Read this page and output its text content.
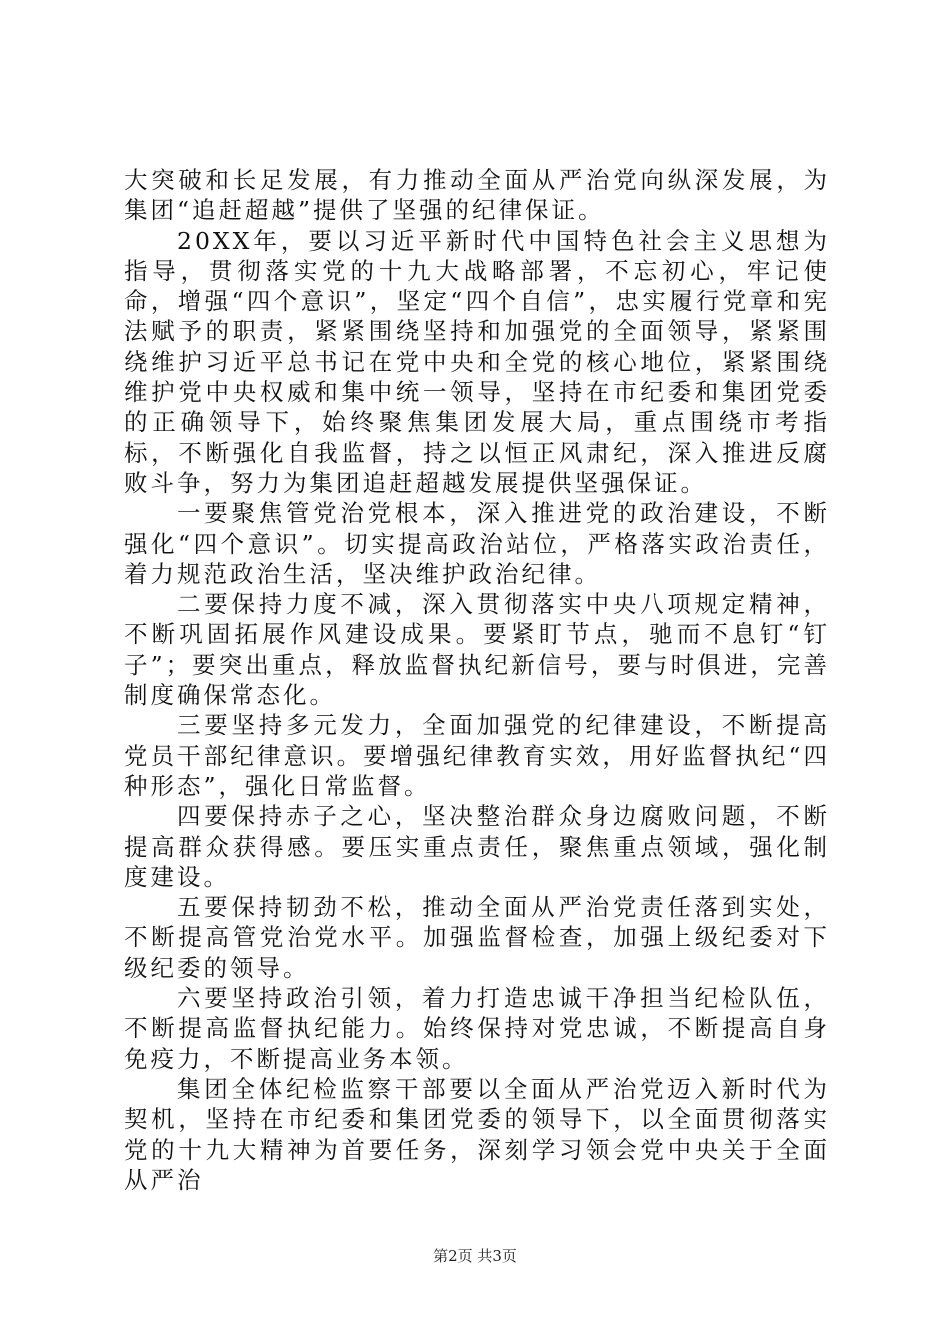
大突破和长足发展，有力推动全面从严治党向纵深发展，为集团“追赶超越”提供了坚强的纪律保证。

20XX年，要以习近平新时代中国特色社会主义思想为指导，贯彻落实党的十九大战略部署，不忘初心，牢记使命，增强“四个意识”，坚定“四个自信”，忠实履行党章和宪法赋予的职责，紧紧围绕坚持和加强党的全面领导，紧紧围绕维护习近平总书记在党中央和全党的核心地位，紧紧围绕维护党中央权威和集中统一领导，坚持在市纪委和集团党委的正确领导下，始终聚焦集团发展大局，重点围绕市考指标，不断强化自我监督，持之以恒正风肃纪，深入推进反腐败斗争，努力为集团追赶超越发展提供坚强保证。

一要聚焦管党治党根本，深入推进党的政治建设，不断强化“四个意识”。切实提高政治站位，严格落实政治责任，着力规范政治生活，坚决维护政治纪律。

二要保持力度不减，深入贯彻落实中央八项规定精神，不断巩固拓展作风建设成果。要紧盯节点，驰而不息钉“钉子”；要突出重点，释放监督执纪新信号，要与时俱进，完善制度确保常态化。

三要坚持多元发力，全面加强党的纪律建设，不断提高党员干部纪律意识。要增强纪律教育实效，用好监督执纪“四种形态”，强化日常监督。

四要保持赤子之心，坚决整治群众身边腐败问题，不断提高群众获得感。要压实重点责任，聚焦重点领域，强化制度建设。

五要保持韧劲不松，推动全面从严治党责任落到实处，不断提高管党治党水平。加强监督检查，加强上级纪委对下级纪委的领导。

六要坚持政治引领，着力打造忠诚干净担当纪检队伍，不断提高监督执纪能力。始终保持对党忠诚，不断提高自身免疫力，不断提高业务本领。

集团全体纪检监察干部要以全面从严治党迈入新时代为契机，坚持在市纪委和集团党委的领导下，以全面贯彻落实党的十九大精神为首要任务，深刻学习领会党中央关于全面从严治

第2页 共3页
